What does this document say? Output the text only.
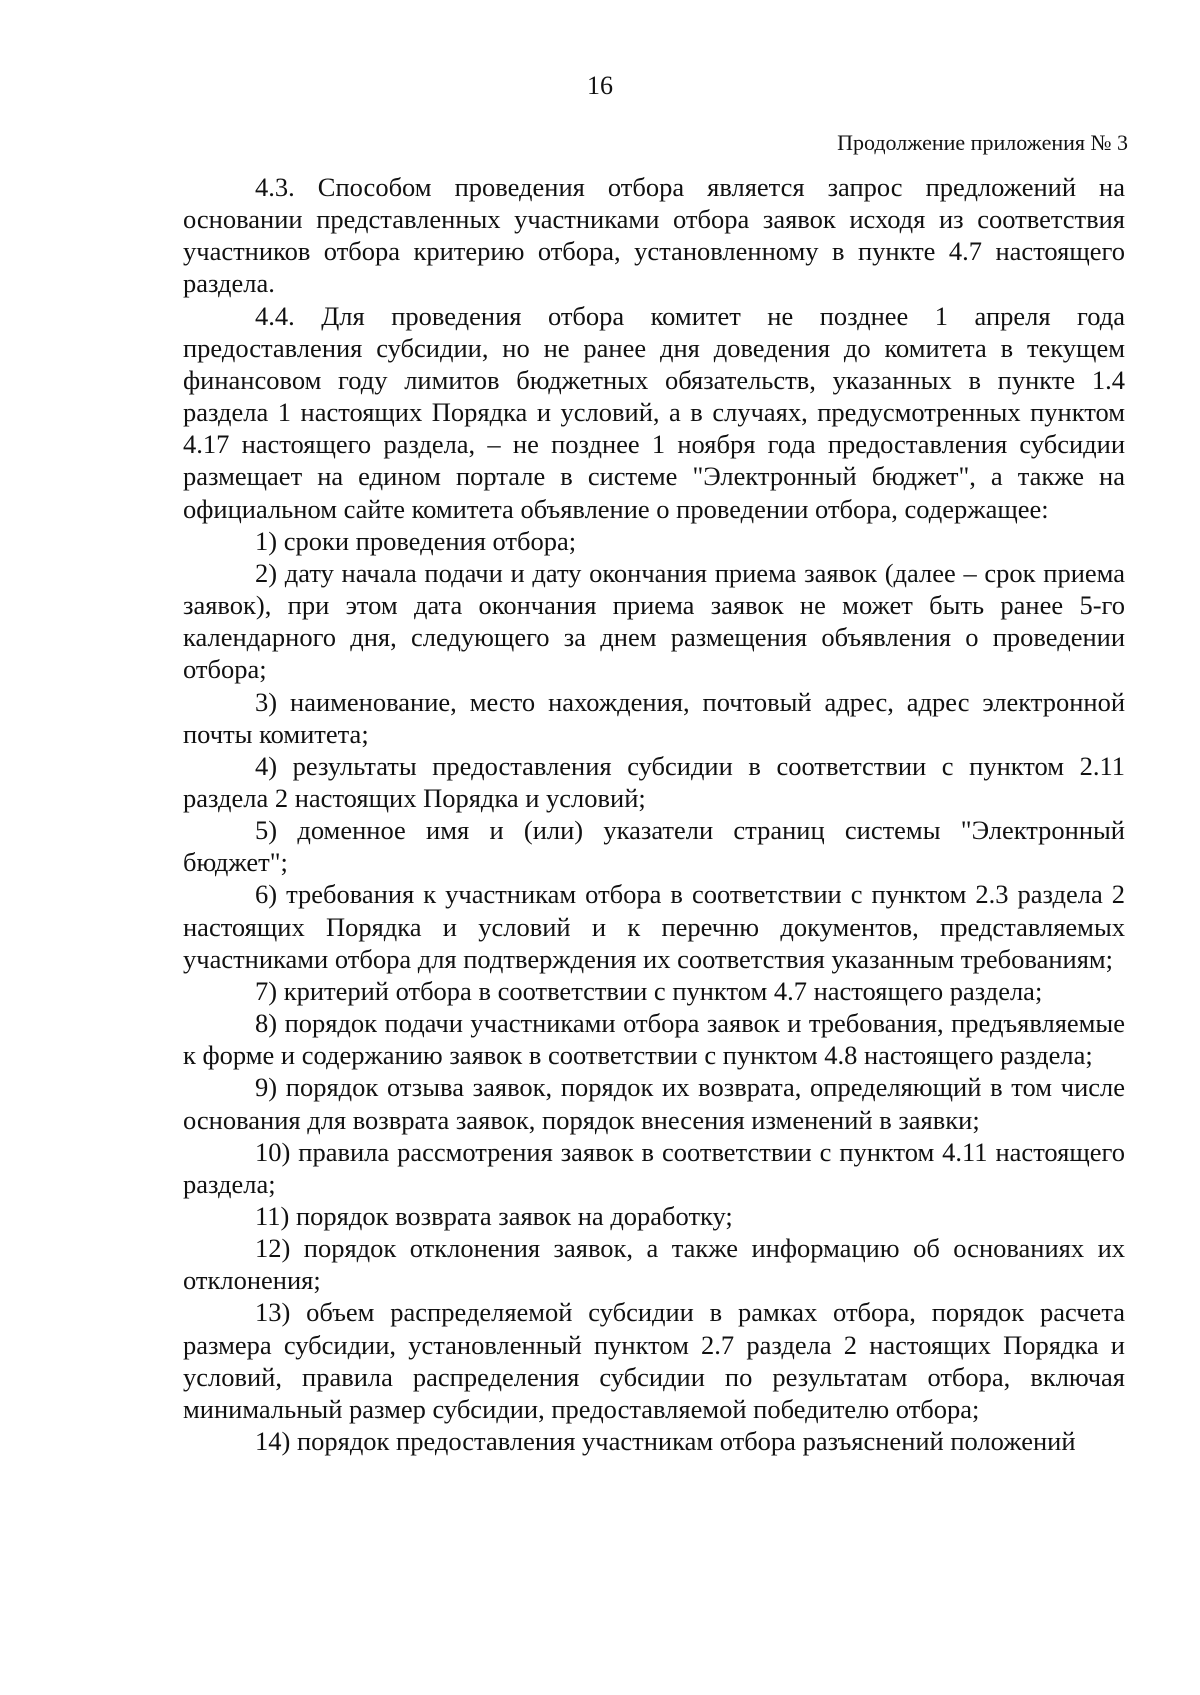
16
Продолжение приложения № 3

4.3. Способом проведения отбора является запрос предложений на основании представленных участниками отбора заявок исходя из соответствия участников отбора критерию отбора, установленному в пункте 4.7 настоящего раздела.

4.4. Для проведения отбора комитет не позднее 1 апреля года предоставления субсидии, но не ранее дня доведения до комитета в текущем финансовом году лимитов бюджетных обязательств, указанных в пункте 1.4 раздела 1 настоящих Порядка и условий, а в случаях, предусмотренных пунктом 4.17 настоящего раздела, – не позднее 1 ноября года предоставления субсидии размещает на едином портале в системе "Электронный бюджет", а также на официальном сайте комитета объявление о проведении отбора, содержащее:

1) сроки проведения отбора;

2) дату начала подачи и дату окончания приема заявок (далее – срок приема заявок), при этом дата окончания приема заявок не может быть ранее 5-го календарного дня, следующего за днем размещения объявления о проведении отбора;

3) наименование, место нахождения, почтовый адрес, адрес электронной почты комитета;

4) результаты предоставления субсидии в соответствии с пунктом 2.11 раздела 2 настоящих Порядка и условий;

5) доменное имя и (или) указатели страниц системы "Электронный бюджет";

6) требования к участникам отбора в соответствии с пунктом 2.3 раздела 2 настоящих Порядка и условий и к перечню документов, представляемых участниками отбора для подтверждения их соответствия указанным требованиям;

7) критерий отбора в соответствии с пунктом 4.7 настоящего раздела;

8) порядок подачи участниками отбора заявок и требования, предъявляемые к форме и содержанию заявок в соответствии с пунктом 4.8 настоящего раздела;

9) порядок отзыва заявок, порядок их возврата, определяющий в том числе основания для возврата заявок, порядок внесения изменений в заявки;

10) правила рассмотрения заявок в соответствии с пунктом 4.11 настоящего раздела;

11) порядок возврата заявок на доработку;

12) порядок отклонения заявок, а также информацию об основаниях их отклонения;

13) объем распределяемой субсидии в рамках отбора, порядок расчета размера субсидии, установленный пунктом 2.7 раздела 2 настоящих Порядка и условий, правила распределения субсидии по результатам отбора, включая минимальный размер субсидии, предоставляемой победителю отбора;

14) порядок предоставления участникам отбора разъяснений положений
